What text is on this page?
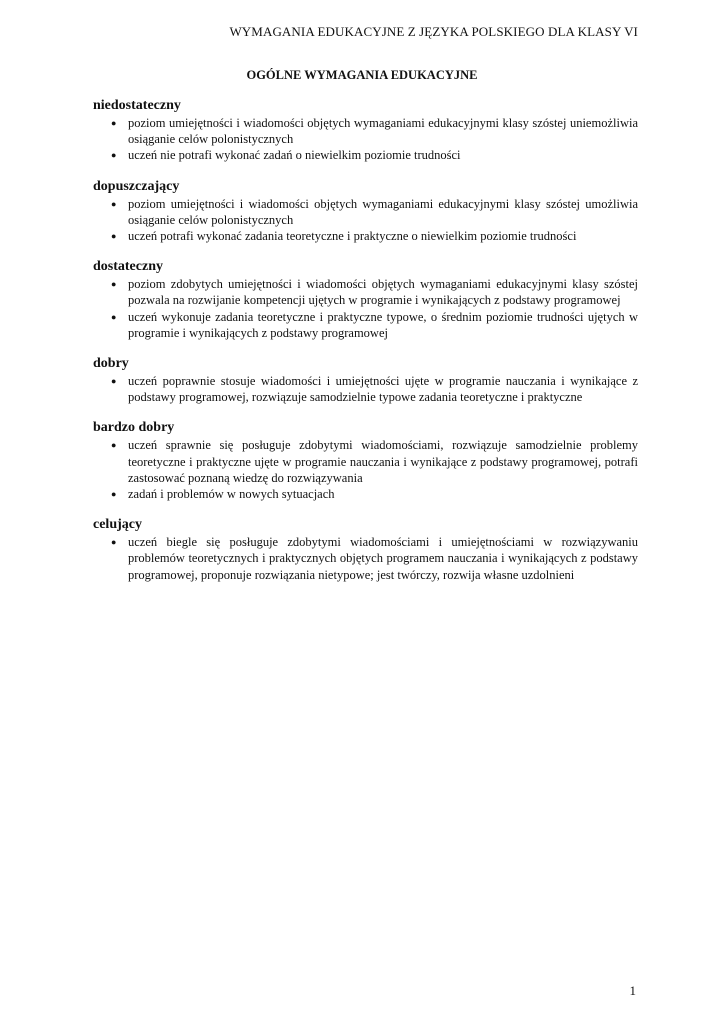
WYMAGANIA EDUKACYJNE Z JĘZYKA POLSKIEGO DLA KLASY VI
OGÓLNE WYMAGANIA EDUKACYJNE
niedostateczny
● poziom umiejętności i wiadomości objętych wymaganiami edukacyjnymi klasy szóstej uniemożliwia osiąganie celów polonistycznych
● uczeń nie potrafi wykonać zadań o niewielkim poziomie trudności
dopuszczający
● poziom umiejętności i wiadomości objętych wymaganiami edukacyjnymi klasy szóstej umożliwia osiąganie celów polonistycznych
● uczeń potrafi wykonać zadania teoretyczne i praktyczne o niewielkim poziomie trudności
dostateczny
● poziom zdobytych umiejętności i wiadomości objętych wymaganiami edukacyjnymi klasy szóstej pozwala na rozwijanie kompetencji ujętych w programie i wynikających z podstawy programowej
● uczeń wykonuje zadania teoretyczne i praktyczne typowe, o średnim poziomie trudności ujętych w programie i wynikających z podstawy programowej
dobry
● uczeń poprawnie stosuje wiadomości i umiejętności ujęte w programie nauczania i wynikające z podstawy programowej, rozwiązuje samodzielnie typowe zadania teoretyczne i praktyczne
bardzo dobry
● uczeń sprawnie się posługuje zdobytymi wiadomościami, rozwiązuje samodzielnie problemy teoretyczne i praktyczne ujęte w programie nauczania i wynikające z podstawy programowej, potrafi zastosować poznaną wiedzę do rozwiązywania
● zadań i problemów w nowych sytuacjach
celujący
● uczeń biegle się posługuje zdobytymi wiadomościami i umiejętnościami w rozwiązywaniu problemów teoretycznych i praktycznych objętych programem nauczania i wynikających z podstawy programowej, proponuje rozwiązania nietypowe; jest twórczy, rozwija własne uzdolnieni
1
